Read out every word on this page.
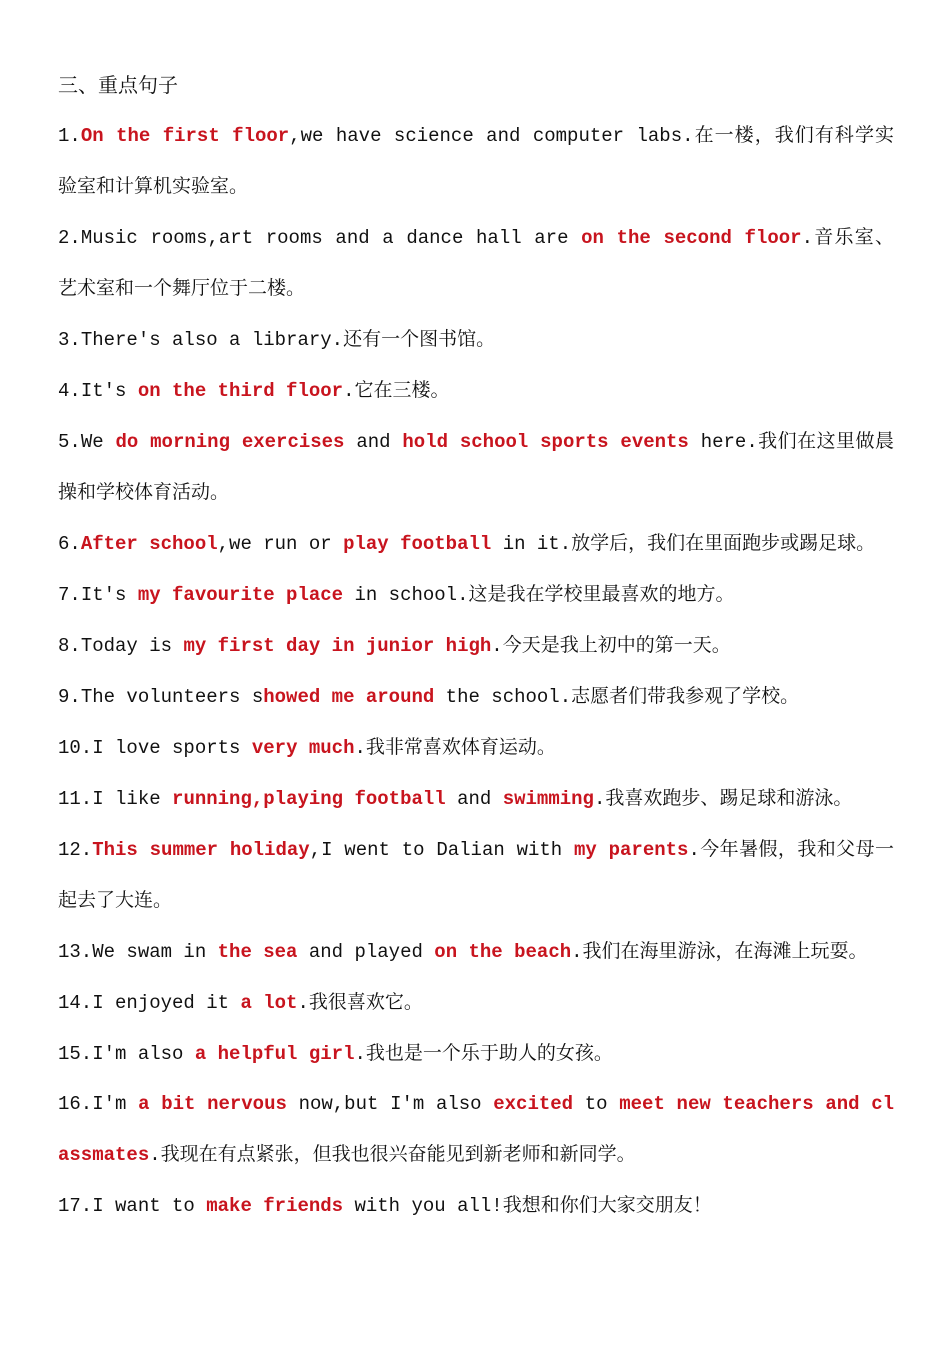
三、重点句子

1.On the first floor,we have science and computer labs.在一楼，我们有科学实验室和计算机实验室。

2.Music rooms,art rooms and a dance hall are on the second floor.音乐室、艺术室和一个舞厅位于二楼。

3.There's also a library.还有一个图书馆。

4.It's on the third floor.它在三楼。

5.We do morning exercises and hold school sports events here.我们在这里做晨操和学校体育活动。

6.After school,we run or play football in it.放学后，我们在里面跑步或踢足球。

7.It's my favourite place in school.这是我在学校里最喜欢的地方。

8.Today is my first day in junior high.今天是我上初中的第一天。

9.The volunteers showed me around the school.志愿者们带我参观了学校。

10.I love sports very much.我非常喜欢体育运动。

11.I like running,playing football and swimming.我喜欢跑步、踢足球和游泳。

12.This summer holiday,I went to Dalian with my parents.今年暑假，我和父母一起去了大连。

13.We swam in the sea and played on the beach.我们在海里游泳，在海滩上玩耍。

14.I enjoyed it a lot.我很喜欢它。

15.I'm also a helpful girl.我也是一个乐于助人的女孩。

16.I'm a bit nervous now,but I'm also excited to meet new teachers and classmates.我现在有点紧张，但我也很兴奋能见到新老师和新同学。

17.I want to make friends with you all!我想和你们大家交朋友！
